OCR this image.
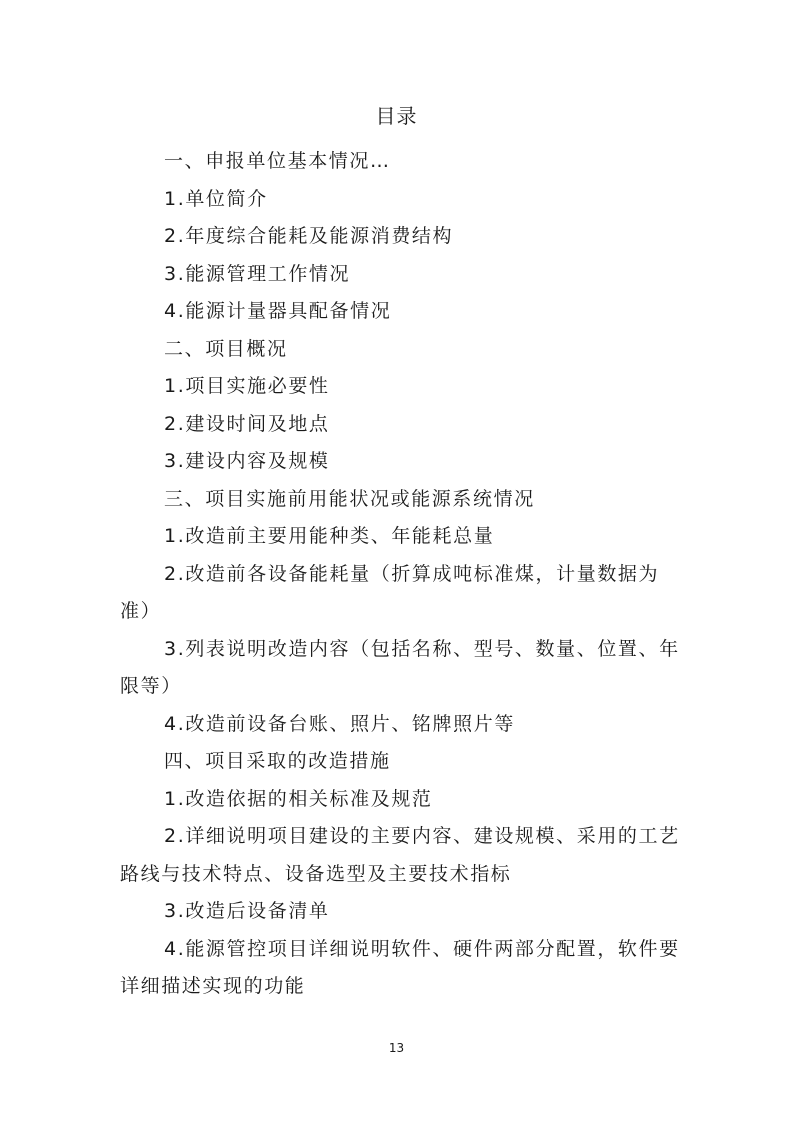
目录

一、申报单位基本情况…

1.单位简介

2.年度综合能耗及能源消费结构

3.能源管理工作情况

4.能源计量器具配备情况

二、项目概况

1.项目实施必要性

2.建设时间及地点

3.建设内容及规模

三、项目实施前用能状况或能源系统情况

1.改造前主要用能种类、年能耗总量

2.改造前各设备能耗量（折算成吨标准煤，计量数据为准）

3.列表说明改造内容（包括名称、型号、数量、位置、年限等）

4.改造前设备台账、照片、铭牌照片等

四、项目采取的改造措施

1.改造依据的相关标准及规范

2.详细说明项目建设的主要内容、建设规模、采用的工艺路线与技术特点、设备选型及主要技术指标

3.改造后设备清单

4.能源管控项目详细说明软件、硬件两部分配置，软件要详细描述实现的功能

13
